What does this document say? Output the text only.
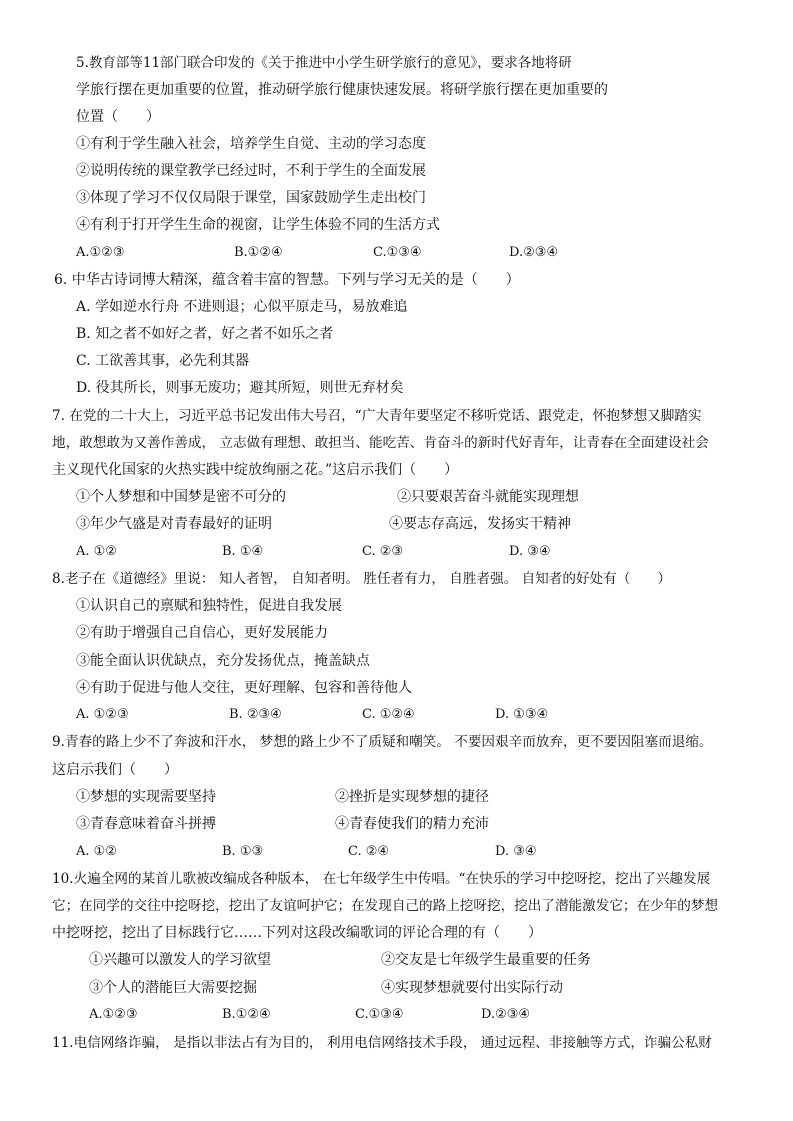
5.教育部等11部门联合印发的《关于推进中小学生研学旅行的意见》，要求各地将研
学旅行摆在更加重要的位置，推动研学旅行健康快速发展。将研学旅行摆在更加重要的
位置（　　）
①有利于学生融入社会，培养学生自觉、主动的学习态度
②说明传统的课堂教学已经过时，不利于学生的全面发展
③体现了学习不仅仅局限于课堂，国家鼓励学生走出校门
④有利于打开学生生命的视窗，让学生体验不同的生活方式
A.①②③	B.①②④	C.①③④	D.②③④
6. 中华古诗词博大精深，蕴含着丰富的智慧。下列与学习无关的是（　　）
A. 学如逆水行舟 不进则退；心似平原走马，易放难追
B. 知之者不如好之者，好之者不如乐之者
C. 工欲善其事，必先利其器
D. 役其所长，则事无废功；避其所短，则世无弃材矣
7. 在党的二十大上，习近平总书记发出伟大号召，“广大青年要坚定不移听党话、跟党走，怀抱梦想又脚踏实
地，敢想敢为又善作善成， 立志做有理想、敢担当、能吃苦、肯奋斗的新时代好青年，让青春在全面建设社会
主义现代化国家的火热实践中绽放绚丽之花。”这启示我们（　　）
①个人梦想和中国梦是密不可分的	②只要艰苦奋斗就能实现理想
③年少气盛是对青春最好的证明	④要志存高远，发扬实干精神
A. ①②	B. ①④	C. ②③	D. ③④
8.老子在《道德经》里说： 知人者智， 自知者明。 胜任者有力， 自胜者强。 自知者的好处有（　　）
①认识自己的禀赋和独特性，促进自我发展
②有助于增强自己自信心，更好发展能力
③能全面认识优缺点，充分发扬优点，掩盖缺点
④有助于促进与他人交往，更好理解、包容和善待他人
A. ①②③	B. ②③④	C. ①②④	D. ①③④
9.青春的路上少不了奔波和汗水， 梦想的路上少不了质疑和嘲笑。 不要因艰辛而放弃，更不要因阻塞而退缩。
这启示我们（　　）
①梦想的实现需要坚持	②挫折是实现梦想的捷径
③青春意味着奋斗拼搏	④青春使我们的精力充沛
A. ①②	B. ①③	C. ②④	D. ③④
10.火遍全网的某首儿歌被改编成各种版本， 在七年级学生中传唱。“在快乐的学习中挖呀挖，挖出了兴趣发展
它；在同学的交往中挖呀挖，挖出了友谊呵护它；在发现自己的路上挖呀挖，挖出了潜能激发它；在少年的梦想
中挖呀挖，挖出了目标践行它……下列对这段改编歌词的评论合理的有（　　）
①兴趣可以激发人的学习欲望	②交友是七年级学生最重要的任务
③个人的潜能巨大需要挖掘	④实现梦想就要付出实际行动
A.①②③	B.①②④	C.①③④	D.②③④
11.电信网络诈骗， 是指以非法占有为目的， 利用电信网络技术手段， 通过远程、非接触等方式，诈骗公私财
